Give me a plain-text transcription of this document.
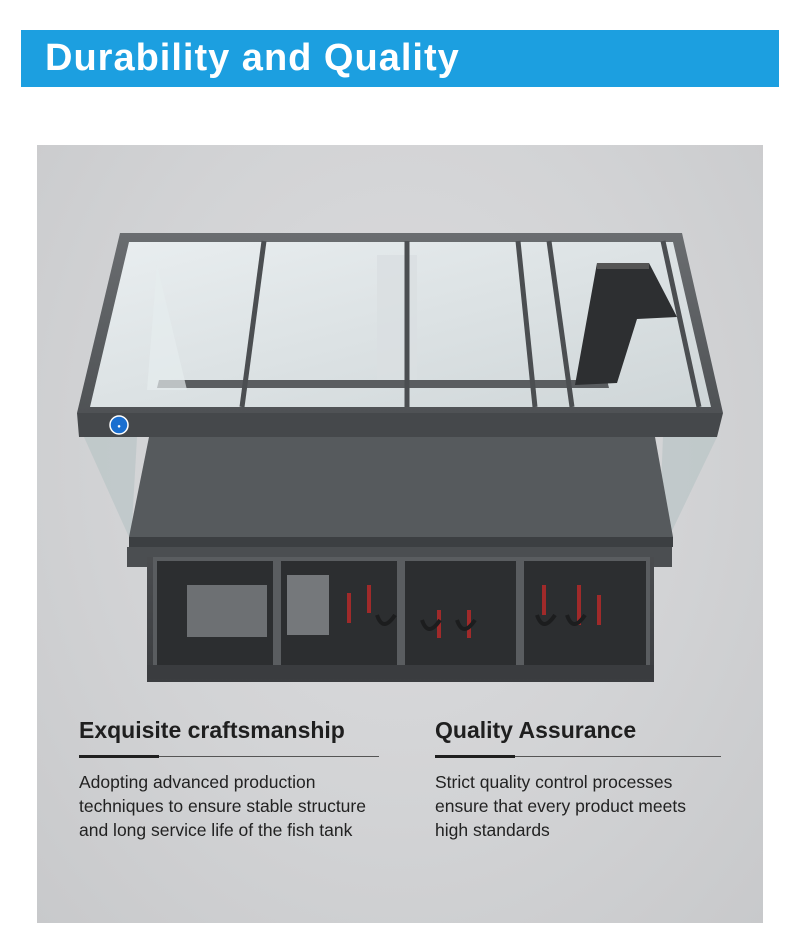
Durability and Quality
●
Exquisite craftsmanship
Adopting advanced production techniques to ensure stable structure and long service life of the fish tank
Quality Assurance
Strict quality control processes ensure that every product meets high standards
